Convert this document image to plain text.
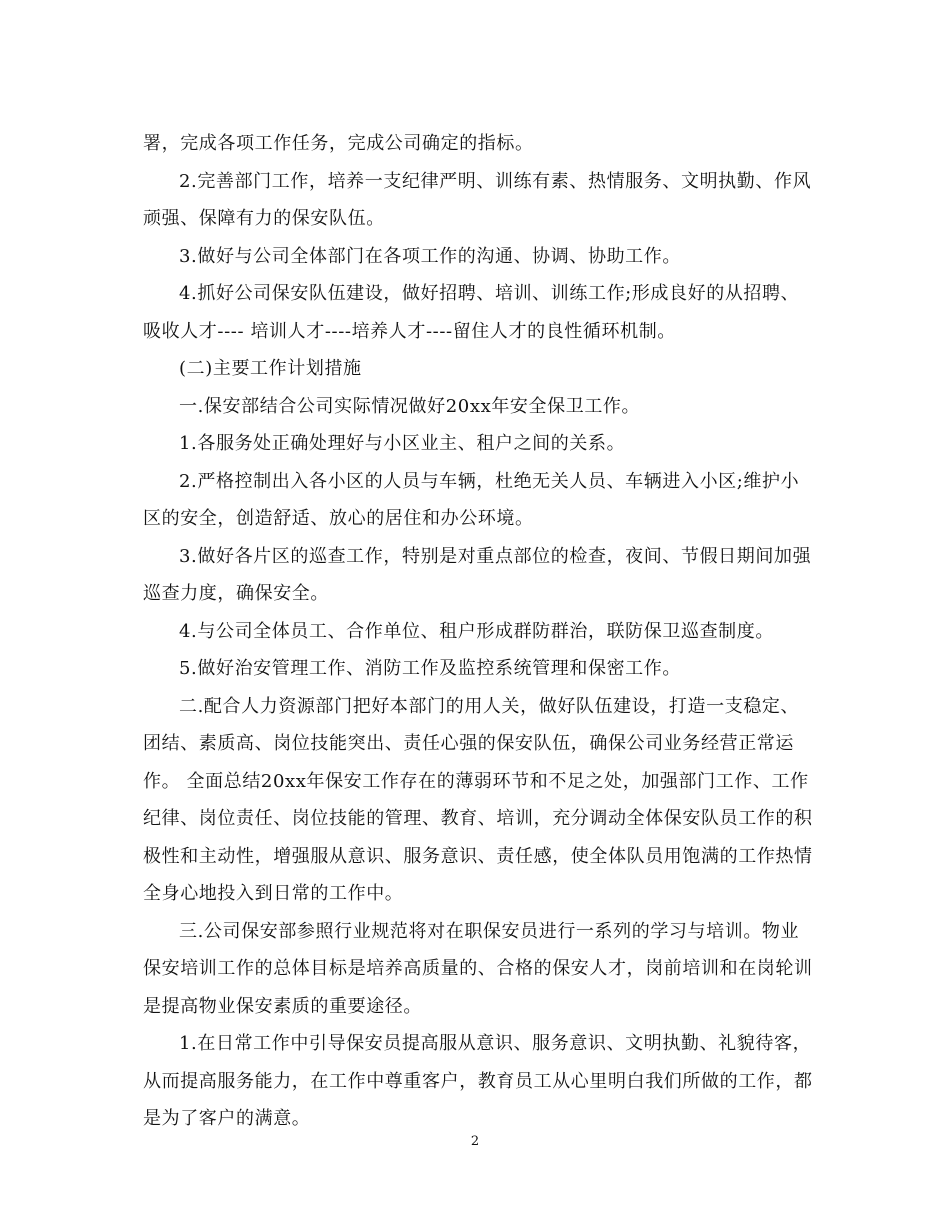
署，完成各项工作任务，完成公司确定的指标。

2.完善部门工作，培养一支纪律严明、训练有素、热情服务、文明执勤、作风顽强、保障有力的保安队伍。

3.做好与公司全体部门在各项工作的沟通、协调、协助工作。

4.抓好公司保安队伍建设，做好招聘、培训、训练工作;形成良好的从招聘、吸收人才---- 培训人才----培养人才----留住人才的良性循环机制。

(二)主要工作计划措施

一.保安部结合公司实际情况做好20xx年安全保卫工作。

1.各服务处正确处理好与小区业主、租户之间的关系。

2.严格控制出入各小区的人员与车辆，杜绝无关人员、车辆进入小区;维护小区的安全，创造舒适、放心的居住和办公环境。

3.做好各片区的巡查工作，特别是对重点部位的检查，夜间、节假日期间加强巡查力度，确保安全。

4.与公司全体员工、合作单位、租户形成群防群治，联防保卫巡查制度。

5.做好治安管理工作、消防工作及监控系统管理和保密工作。

二.配合人力资源部门把好本部门的用人关，做好队伍建设，打造一支稳定、团结、素质高、岗位技能突出、责任心强的保安队伍，确保公司业务经营正常运作。 全面总结20xx年保安工作存在的薄弱环节和不足之处，加强部门工作、工作纪律、岗位责任、岗位技能的管理、教育、培训，充分调动全体保安队员工作的积极性和主动性，增强服从意识、服务意识、责任感，使全体队员用饱满的工作热情全身心地投入到日常的工作中。

三.公司保安部参照行业规范将对在职保安员进行一系列的学习与培训。物业保安培训工作的总体目标是培养高质量的、合格的保安人才，岗前培训和在岗轮训是提高物业保安素质的重要途径。

1.在日常工作中引导保安员提高服从意识、服务意识、文明执勤、礼貌待客，从而提高服务能力，在工作中尊重客户，教育员工从心里明白我们所做的工作，都是为了客户的满意。

2
